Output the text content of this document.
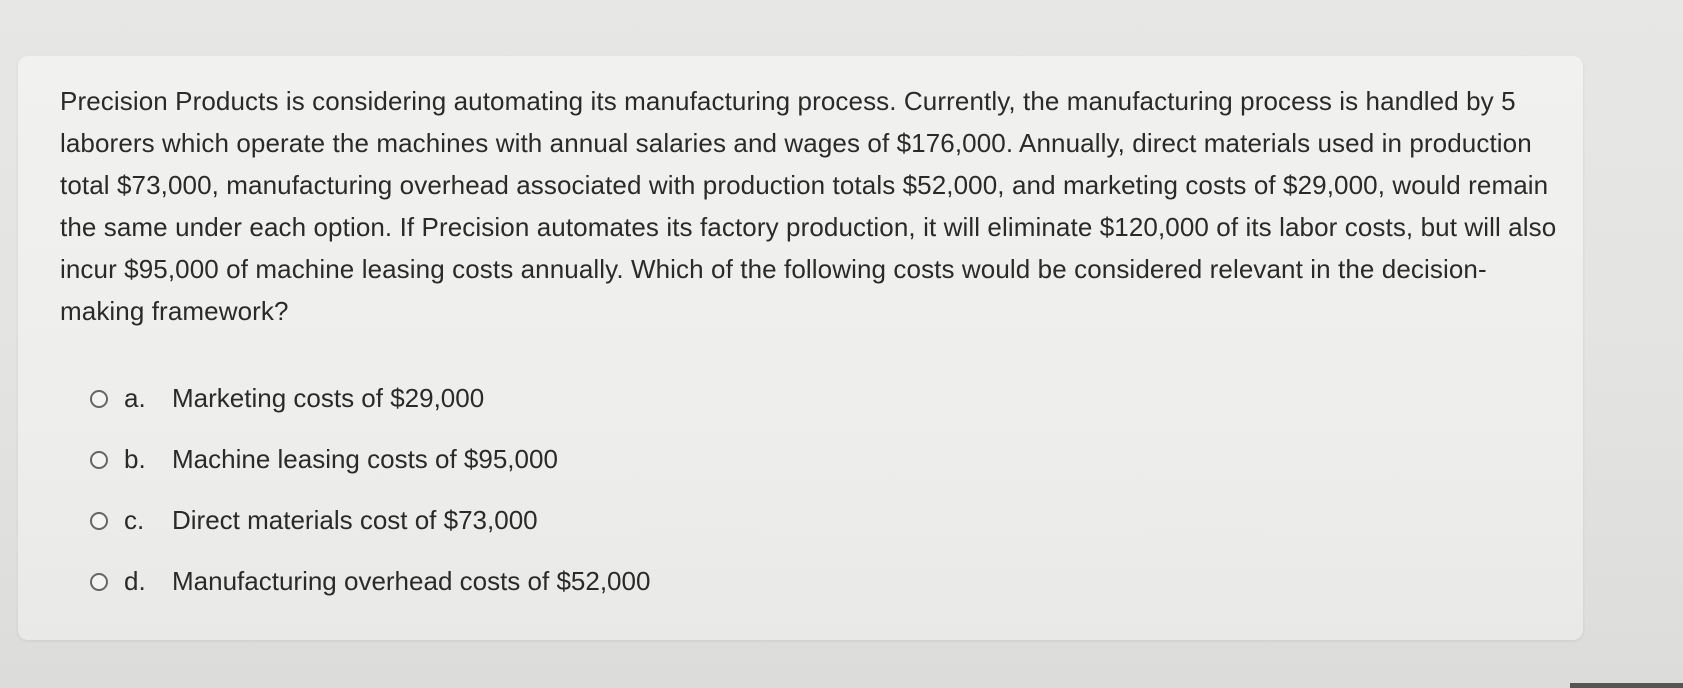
Precision Products is considering automating its manufacturing process. Currently, the manufacturing process is handled by 5 laborers which operate the machines with annual salaries and wages of $176,000. Annually, direct materials used in production total $73,000, manufacturing overhead associated with production totals $52,000, and marketing costs of $29,000, would remain the same under each option. If Precision automates its factory production, it will eliminate $120,000 of its labor costs, but will also incur $95,000 of machine leasing costs annually. Which of the following costs would be considered relevant in the decision-making framework?

a.	Marketing costs of $29,000
b.	Machine leasing costs of $95,000
c.	Direct materials cost of $73,000
d.	Manufacturing overhead costs of $52,000
